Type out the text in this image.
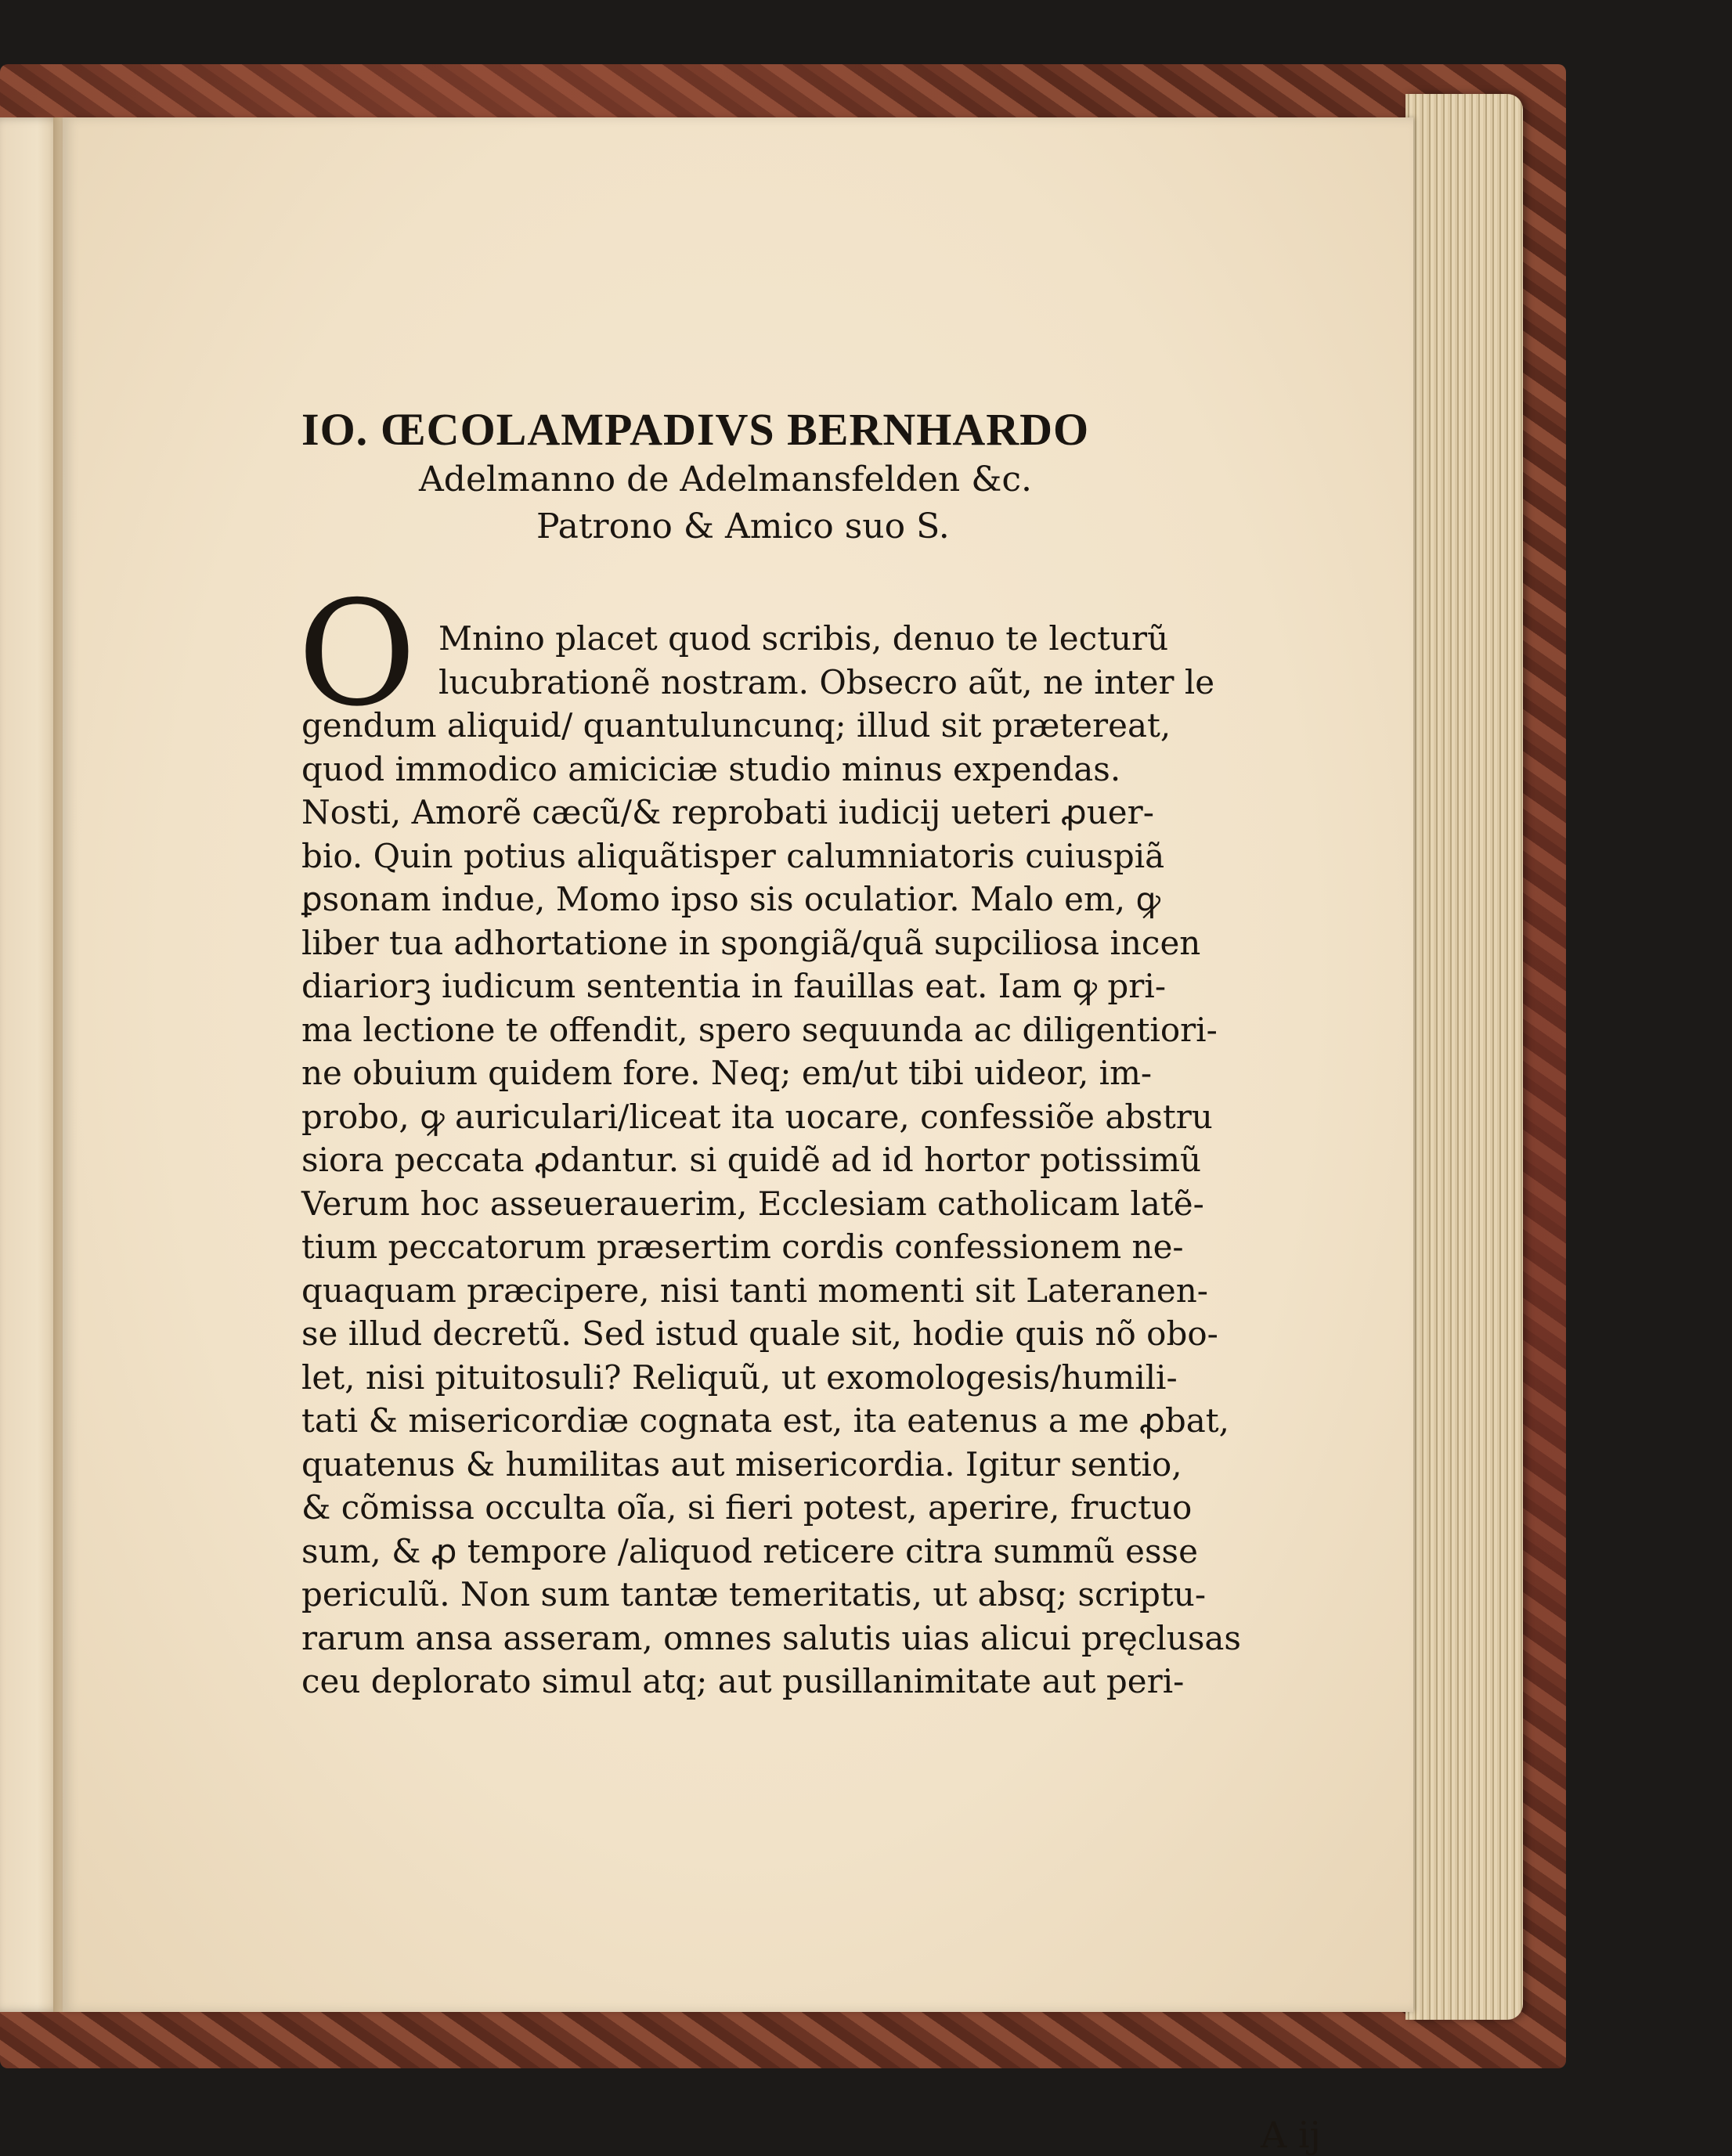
IO. ŒCOLAMPADIVS BERNHARDO
Adelmanno de Adelmansfelden &c.
Patrono & Amico suo S.
O Mnino placet quod scribis, denuo te lecturũ
lucubrationẽ nostram. Obsecro aũt, ne inter le
gendum aliquid/ quantuluncunq; illud sit prætereat,
quod immodico amiciciæ studio minus expendas.
Nosti, Amorẽ cæcũ/& reprobati iudicij ueteri ꝓuer-
bio. Quin potius aliquãtisper calumniatoris cuiuspiã
ꝑsonam indue, Momo ipso sis oculatior. Malo em, ꝙ
liber tua adhortatione in spongiã/quã supciliosa incen
diariorꝫ iudicum sententia in fauillas eat. Iam ꝙ pri-
ma lectione te offendit, spero sequunda ac diligentiori-
ne obuium quidem fore. Neq; em/ut tibi uideor, im-
probo, ꝙ auriculari/liceat ita uocare, confessiõe abstru
siora peccata ꝓdantur. si quidẽ ad id hortor potissimũ
Verum hoc asseuerauerim, Ecclesiam catholicam latẽ-
tium peccatorum præsertim cordis confessionem ne-
quaquam præcipere, nisi tanti momenti sit Lateranen-
se illud decretũ. Sed istud quale sit, hodie quis nõ obo-
let, nisi pituitosuli? Reliquũ, ut exomologesis/humili-
tati & misericordiæ cognata est, ita eatenus a me ꝓbat,
quatenus & humilitas aut misericordia. Igitur sentio,
& cõmissa occulta oĩa, si fieri potest, aperire, fructuo
sum, & ꝓ tempore /aliquod reticere citra summũ esse
periculũ. Non sum tantæ temeritatis, ut absq; scriptu-
rarum ansa asseram, omnes salutis uias alicui pręclusas
ceu deplorato simul atq; aut pusillanimitate aut peri-
A ij
